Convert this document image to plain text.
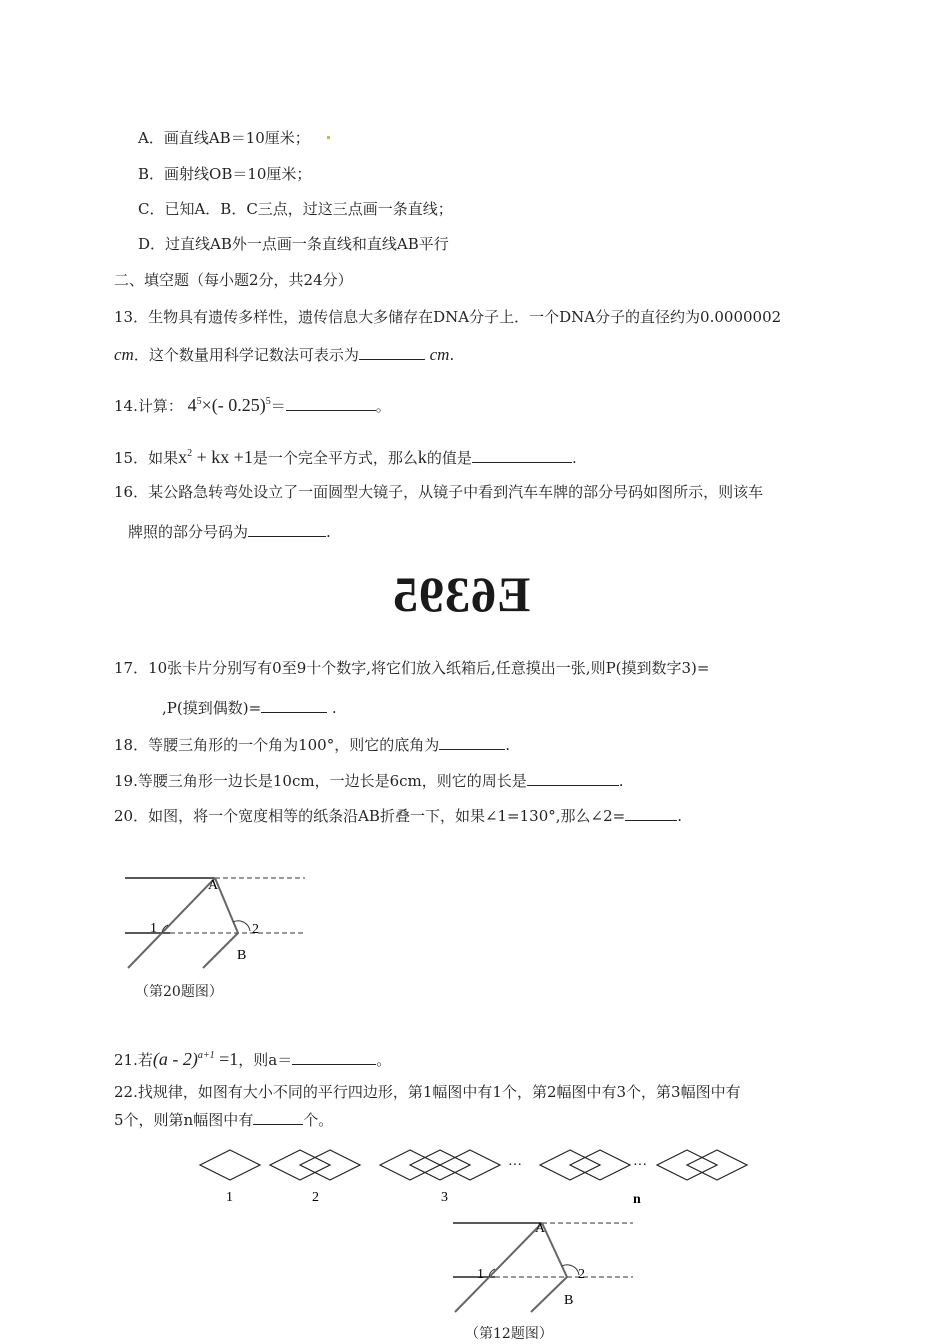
A．画直线AB＝10厘米；
B．画射线OB＝10厘米；
C．已知A．B．C三点，过这三点画一条直线；
D．过直线AB外一点画一条直线和直线AB平行
二、填空题（每小题2分，共24分）
13．生物具有遗传多样性，遗传信息大多储存在DNA分子上．一个DNA分子的直径约为0.0000002
cm．这个数量用科学记数法可表示为	cm.
14.计算： $4^5\times(-$ 0.25)$^5$＝	。
15．如果$x^2$ + kx +1是一个完全平方式，那么k的值是	.
16．某公路急转弯处设立了一面圆型大镜子，从镜子中看到汽车车牌的部分号码如图所示，则该车
牌照的部分号码为	.
E6395
17．10张卡片分别写有0至9十个数字,将它们放入纸箱后,任意摸出一张,则P(摸到数字3)=
,P(摸到偶数)=	.
18．等腰三角形的一个角为100°，则它的底角为	.
19.等腰三角形一边长是10cm，一边长是6cm，则它的周长是	.
20．如图，将一个宽度相等的纸条沿AB折叠一下，如果∠1=130°,那么∠2=	.
A
1	2
B
（第20题图）
21.若(a - 2)$^{a+1}$ =1，则a＝	。
22.找规律，如图有大小不同的平行四边形，第1幅图中有1个，第2幅图中有3个，第3幅图中有
5个，则第n幅图中有	个。
···	···
1	2	3	n
A
1	2
B
（第12题图）
